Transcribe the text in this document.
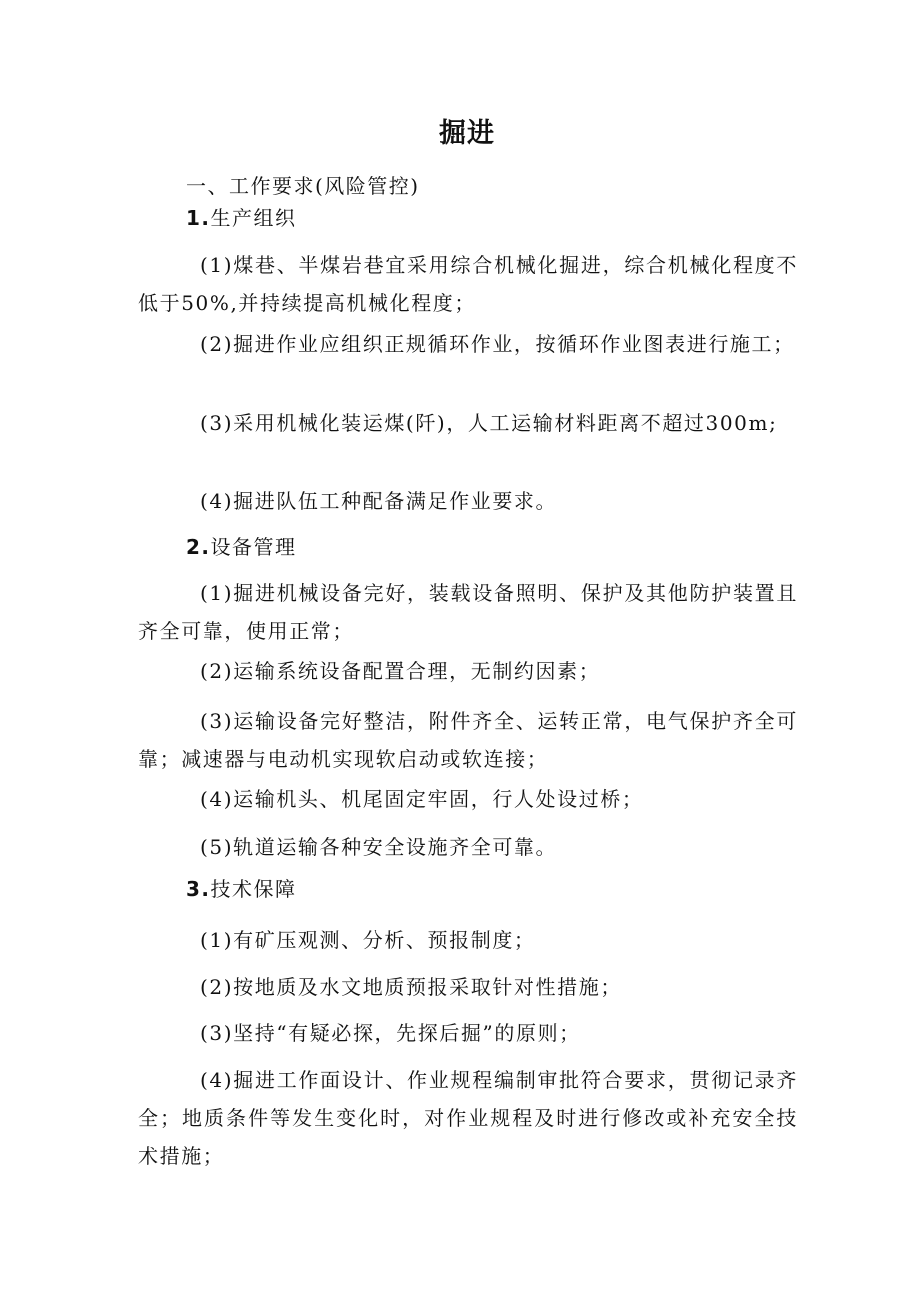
掘进
一、工作要求(风险管控)
1.生产组织
(1)煤巷、半煤岩巷宜采用综合机械化掘进，综合机械化程度不低于50%,并持续提高机械化程度；
(2)掘进作业应组织正规循环作业，按循环作业图表进行施工；
(3)采用机械化装运煤(阡)，人工运输材料距离不超过300m;
(4)掘进队伍工种配备满足作业要求。
2.设备管理
(1)掘进机械设备完好，装载设备照明、保护及其他防护装置且齐全可靠，使用正常；
(2)运输系统设备配置合理，无制约因素；
(3)运输设备完好整洁，附件齐全、运转正常，电气保护齐全可靠；减速器与电动机实现软启动或软连接；
(4)运输机头、机尾固定牢固，行人处设过桥；
(5)轨道运输各种安全设施齐全可靠。
3.技术保障
(1)有矿压观测、分析、预报制度；
(2)按地质及水文地质预报采取针对性措施；
(3)坚持“有疑必探，先探后掘”的原则；
(4)掘进工作面设计、作业规程编制审批符合要求，贯彻记录齐全；地质条件等发生变化时，对作业规程及时进行修改或补充安全技术措施；
